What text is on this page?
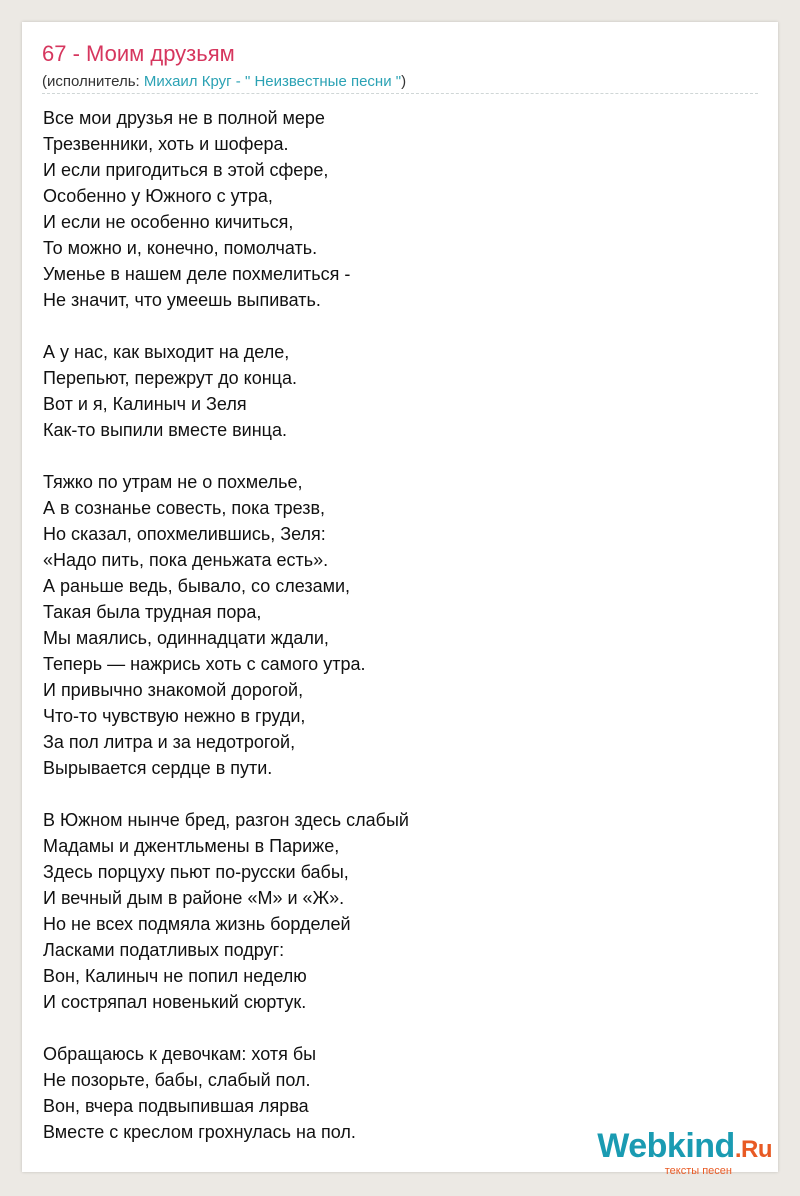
67 - Моим друзьям
(исполнитель: Михаил Круг - " Неизвестные песни ")
Все мои друзья не в полной мере
Трезвенники, хоть и шофера.
И если пригодиться в этой сфере,
Особенно у Южного с утра,
И если не особенно кичиться,
То можно и, конечно, помолчать.
Уменье в нашем деле похмелиться -
Не значит, что умеешь выпивать.
А у нас, как выходит на деле,
Перепьют, пережрут до конца.
Вот и я, Калиныч и Зеля
Как-то выпили вместе винца.
Тяжко по утрам не о похмелье,
А в сознанье совесть, пока трезв,
Но сказал, опохмелившись, Зеля:
«Надо пить, пока деньжата есть».
А раньше ведь, бывало, со слезами,
Такая была трудная пора,
Мы маялись, одиннадцати ждали,
Теперь — нажрись хоть с самого утра.
И привычно знакомой дорогой,
Что-то чувствую нежно в груди,
За пол литра и за недотрогой,
Вырывается сердце в пути.
В Южном нынче бред, разгон здесь слабый
Мадамы и джентльмены в Париже,
Здесь порцуху пьют по-русски бабы,
И вечный дым в районе «М» и «Ж».
Но не всех подмяла жизнь борделей
Ласками податливых подруг:
Вон, Калиныч не попил неделю
И состряпал новенький сюртук.
Обращаюсь к девочкам: хотя бы
Не позорьте, бабы, слабый пол.
Вон, вчера подвыпившая лярва
Вместе с креслом грохнулась на пол.	Webkind.Ru
тексты песен
